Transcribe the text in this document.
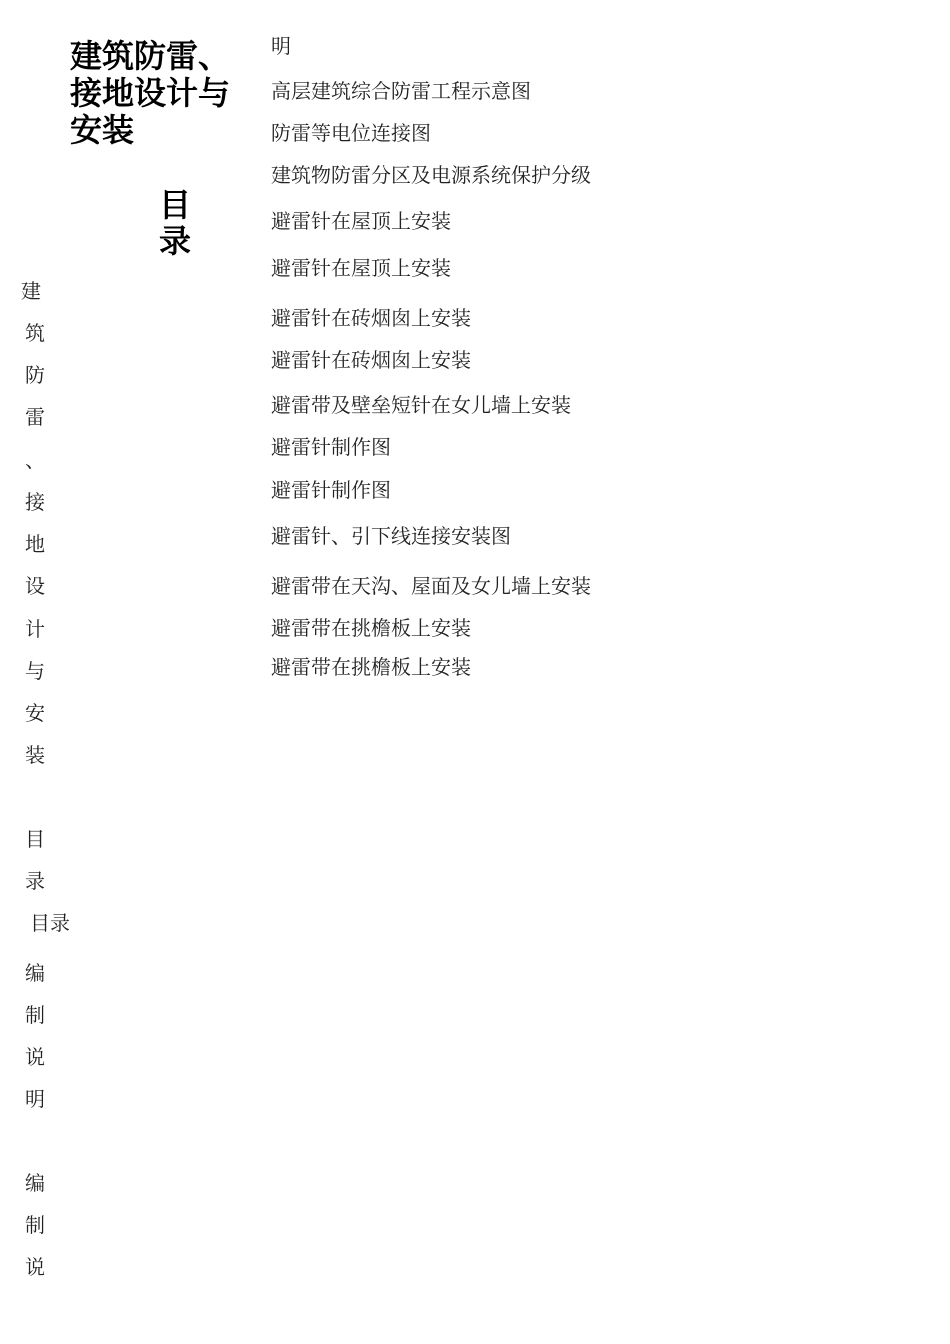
建筑防雷、接地设计与安装
目录
明
高层建筑综合防雷工程示意图
防雷等电位连接图
建筑物防雷分区及电源系统保护分级
避雷针在屋顶上安装
避雷针在屋顶上安装
避雷针在砖烟囱上安装
避雷针在砖烟囱上安装
避雷带及壁垒短针在女儿墙上安装
避雷针制作图
避雷针制作图
避雷针、引下线连接安装图
避雷带在天沟、屋面及女儿墙上安装
避雷带在挑檐板上安装
避雷带在挑檐板上安装
建
筑
防
雷
、
接
地
设
计
与
安
装
目
录
目录
编
制
说
明
编
制
说
